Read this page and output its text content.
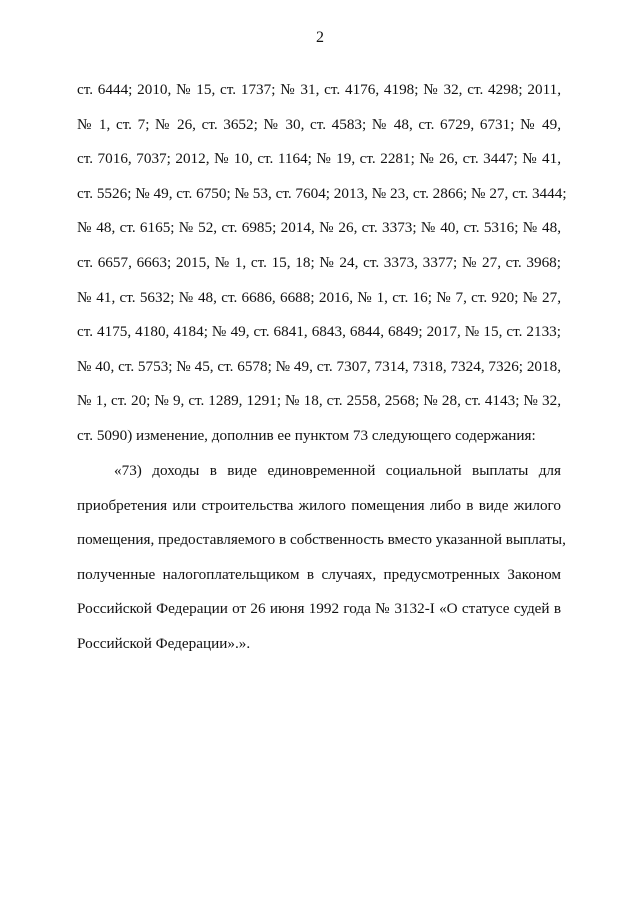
2
ст. 6444; 2010, № 15, ст. 1737; № 31, ст. 4176, 4198; № 32, ст. 4298; 2011,
№ 1, ст. 7; № 26, ст. 3652; № 30, ст. 4583; № 48, ст. 6729, 6731; № 49,
ст. 7016, 7037; 2012, № 10, ст. 1164; № 19, ст. 2281; № 26, ст. 3447; № 41,
ст. 5526; № 49, ст. 6750; № 53, ст. 7604; 2013, № 23, ст. 2866; № 27, ст. 3444;
№ 48, ст. 6165; № 52, ст. 6985; 2014, № 26, ст. 3373; № 40, ст. 5316; № 48,
ст. 6657, 6663; 2015, № 1, ст. 15, 18; № 24, ст. 3373, 3377; № 27, ст. 3968;
№ 41, ст. 5632; № 48, ст. 6686, 6688; 2016, № 1, ст. 16; № 7, ст. 920; № 27,
ст. 4175, 4180, 4184; № 49, ст. 6841, 6843, 6844, 6849; 2017, № 15, ст. 2133;
№ 40, ст. 5753; № 45, ст. 6578; № 49, ст. 7307, 7314, 7318, 7324, 7326; 2018,
№ 1, ст. 20; № 9, ст. 1289, 1291; № 18, ст. 2558, 2568; № 28, ст. 4143; № 32,
ст. 5090) изменение, дополнив ее пунктом 73 следующего содержания:
«73) доходы в виде единовременной социальной выплаты для
приобретения или строительства жилого помещения либо в виде жилого
помещения, предоставляемого в собственность вместо указанной выплаты,
полученные налогоплательщиком в случаях, предусмотренных Законом
Российской Федерации от 26 июня 1992 года № 3132-I «О статусе судей в
Российской Федерации».».
